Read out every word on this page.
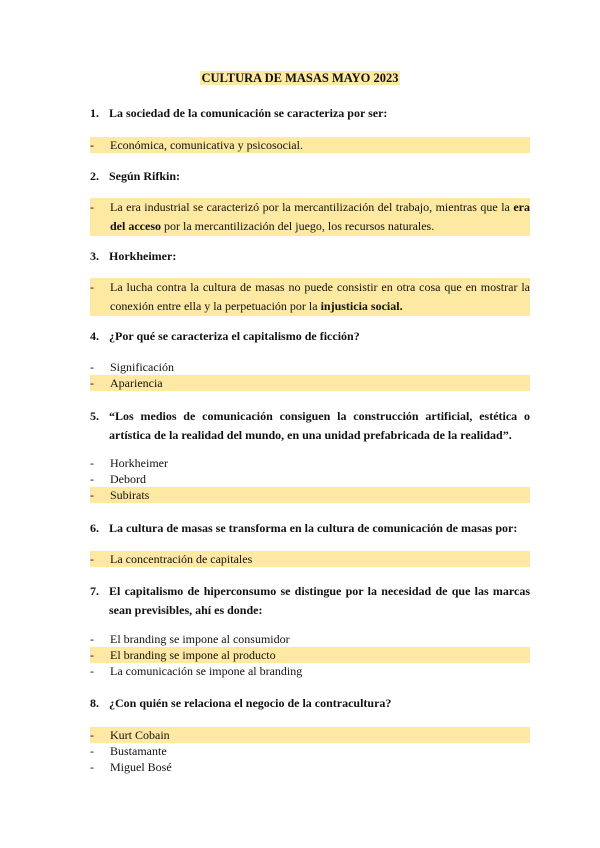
CULTURA DE MASAS MAYO 2023
1. La sociedad de la comunicación se caracteriza por ser:
-	Económica, comunicativa y psicosocial.
2. Según Rifkin:
- La era industrial se caracterizó por la mercantilización del trabajo, mientras que la era del acceso por la mercantilización del juego, los recursos naturales.
3. Horkheimer:
- La lucha contra la cultura de masas no puede consistir en otra cosa que en mostrar la conexión entre ella y la perpetuación por la injusticia social.
4. ¿Por qué se caracteriza el capitalismo de ficción?
-	Significación
-	Apariencia
5. “Los medios de comunicación consiguen la construcción artificial, estética o artística de la realidad del mundo, en una unidad prefabricada de la realidad”.
-	Horkheimer
-	Debord
-	Subirats
6. La cultura de masas se transforma en la cultura de comunicación de masas por:
-	La concentración de capitales
7. El capitalismo de hiperconsumo se distingue por la necesidad de que las marcas sean previsibles, ahí es donde:
-	El branding se impone al consumidor
-	El branding se impone al producto
-	La comunicación se impone al branding
8. ¿Con quién se relaciona el negocio de la contracultura?
-	Kurt Cobain
-	Bustamante
-	Miguel Bosé
